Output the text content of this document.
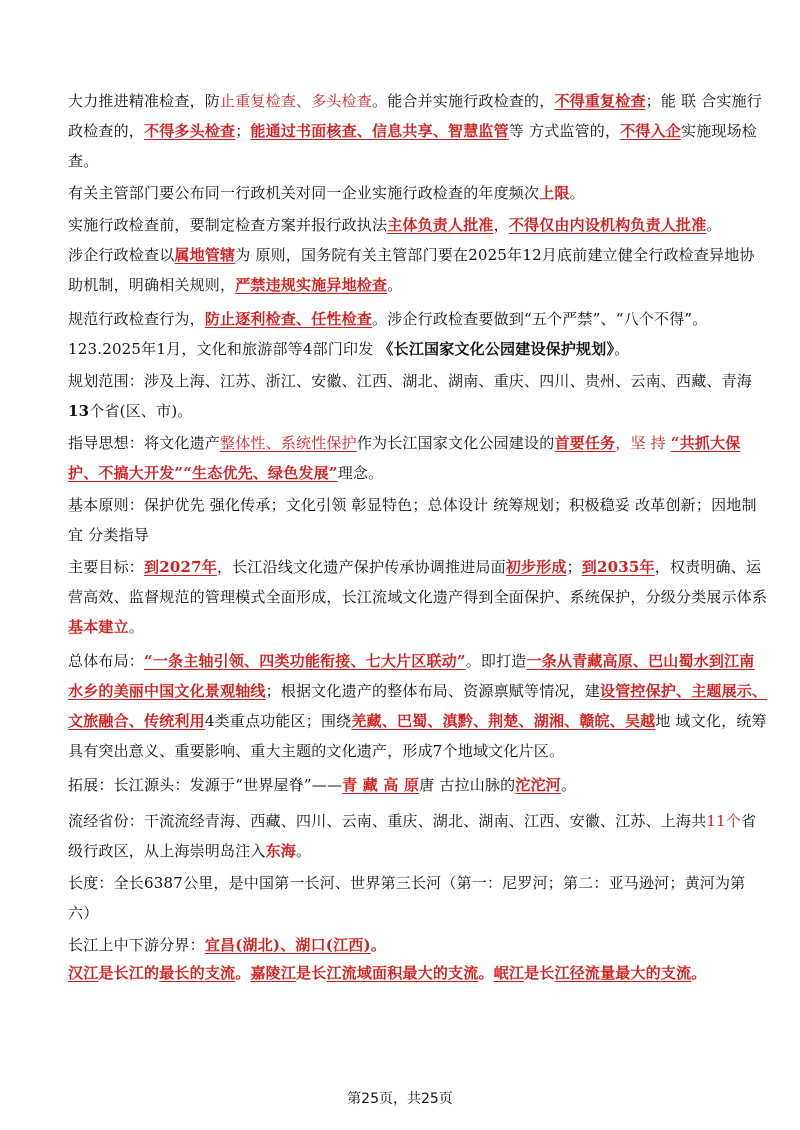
大力推进精准检查，防止重复检查、多头检查。能合并实施行政检查的，不得重复检查；能 联 合实施行政检查的，不得多头检查；能通过书面核查、信息共享、智慧监管等 方式监管的，不得入企实施现场检查。

有关主管部门要公布同一行政机关对同一企业实施行政检查的年度频次上限。

实施行政检查前，要制定检查方案并报行政执法主体负责人批准，不得仅由内设机构负责人批准。

涉企行政检查以属地管辖为 原则，国务院有关主管部门要在2025年12月底前建立健全行政检查异地协助机制，明确相关规则，严禁违规实施异地检查。

规范行政检查行为，防止逐利检查、任性检查。涉企行政检查要做到“五个严禁”、“八个不得”。

123.2025年1月，文化和旅游部等4部门印发 《长江国家文化公园建设保护规划》。

规划范围：涉及上海、江苏、浙江、安徽、江西、湖北、湖南、重庆、四川、贵州、云南、西藏、青海13个省(区、市)。

指导思想：将文化遗产整体性、系统性保护作为长江国家文化公园建设的首要任务，坚 持 “共抓大保护、不搞大开发”“生态优先、绿色发展”理念。

基本原则：保护优先 强化传承；文化引领 彰显特色；总体设计 统筹规划；积极稳妥 改革创新；因地制宜 分类指导

主要目标：到2027年，长江沿线文化遗产保护传承协调推进局面初步形成；到2035年，权责明确、运营高效、监督规范的管理模式全面形成，长江流域文化遗产得到全面保护、系统保护，分级分类展示体系基本建立。

总体布局：“一条主轴引领、四类功能衔接、七大片区联动”。即打造一条从青藏高原、巴山蜀水到江南水乡的美丽中国文化景观轴线；根据文化遗产的整体布局、资源禀赋等情况，建设管控保护、主题展示、文旅融合、传统利用4类重点功能区；围绕羌藏、巴蜀、滇黔、荆楚、湖湘、赣皖、吴越地 域文化，统筹具有突出意义、重要影响、重大主题的文化遗产，形成7个地域文化片区。

拓展：长江源头：发源于“世界屋脊”——青 藏 高 原唐 古拉山脉的沱沱河。

流经省份：干流流经青海、西藏、四川、云南、重庆、湖北、湖南、江西、安徽、江苏、上海共11个省级行政区，从上海崇明岛注入东海。

长度：全长6387公里，是中国第一长河、世界第三长河（第一：尼罗河；第二：亚马逊河；黄河为第六）

长江上中下游分界：宜昌(湖北)、湖口(江西)。

汉江是长江的最长的支流。嘉陵江是长江流域面积最大的支流。岷江是长江径流量最大的支流。

第25页，共25页
